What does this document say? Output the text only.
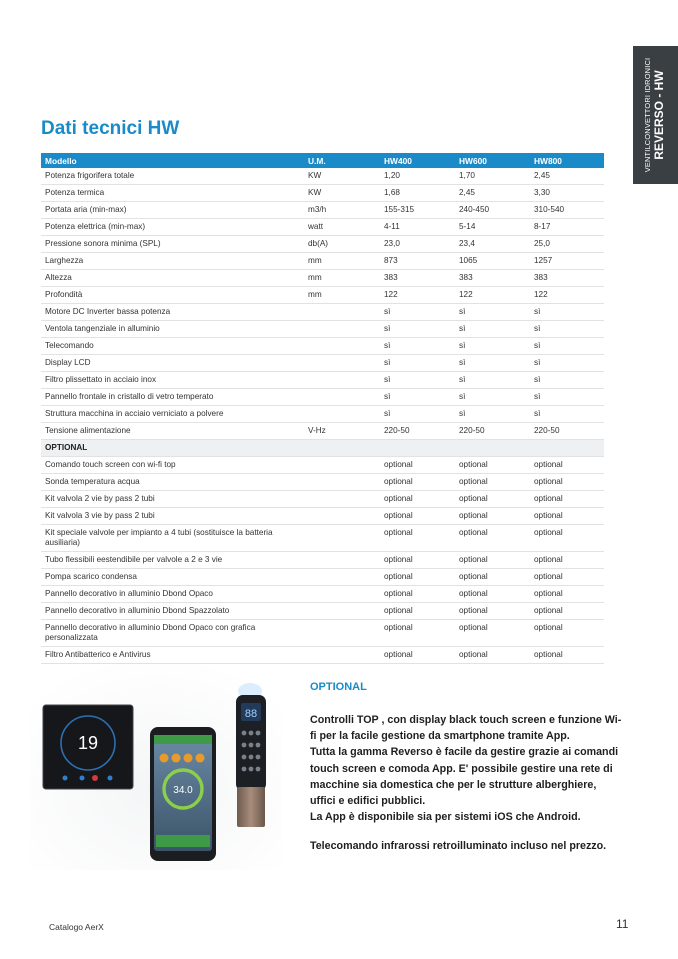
VENTILCONVETTORI IDRONICI REVERSO - HW
Dati tecnici HW
Modello	U.M.	HW400	HW600	HW800
Potenza frigorifera totale	KW	1,20	1,70	2,45
Potenza termica	KW	1,68	2,45	3,30
Portata aria (min-max)	m3/h	155-315	240-450	310-540
Potenza elettrica (min-max)	watt	4-11	5-14	8-17
Pressione sonora minima (SPL)	db(A)	23,0	23,4	25,0
Larghezza	mm	873	1065	1257
Altezza	mm	383	383	383
Profondità	mm	122	122	122
Motore DC Inverter bassa potenza		sì	sì	sì
Ventola tangenziale in alluminio		sì	sì	sì
Telecomando		sì	sì	sì
Display LCD		sì	sì	sì
Filtro plissettato in acciaio inox		sì	sì	sì
Pannello frontale in cristallo di vetro temperato		sì	sì	sì
Struttura macchina in acciaio verniciato a polvere		sì	sì	sì
Tensione alimentazione	V-Hz	220-50	220-50	220-50
OPTIONAL				
Comando touch screen con wi-fi top		optional	optional	optional
Sonda temperatura acqua		optional	optional	optional
Kit valvola 2 vie by pass 2 tubi		optional	optional	optional
Kit valvola 3 vie by pass 2 tubi		optional	optional	optional
Kit speciale valvole per impianto a 4 tubi (sostituisce la batteria ausiliaria)		optional	optional	optional
Tubo flessibili eestendibile per valvole a 2 e 3 vie		optional	optional	optional
Pompa scarico condensa		optional	optional	optional
Pannello decorativo in alluminio Dbond Opaco		optional	optional	optional
Pannello decorativo in alluminio Dbond Spazzolato		optional	optional	optional
Pannello decorativo in alluminio Dbond Opaco con grafica personalizzata		optional	optional	optional
Filtro Antibatterico e Antivirus		optional	optional	optional
19
34.0
88
OPTIONAL

Controlli TOP , con display black touch screen e funzione Wi-fi per la facile gestione da smartphone tramite App.

Tutta la gamma Reverso è facile da gestire grazie ai comandi touch screen e comoda App. E' possibile gestire una rete di macchine sia domestica che per le strutture alberghiere, uffici e edifici pubblici.

La App è disponibile sia per sistemi iOS che Android.

Telecomando infrarossi retroilluminato incluso nel prezzo.

Catalogo AerX	11
